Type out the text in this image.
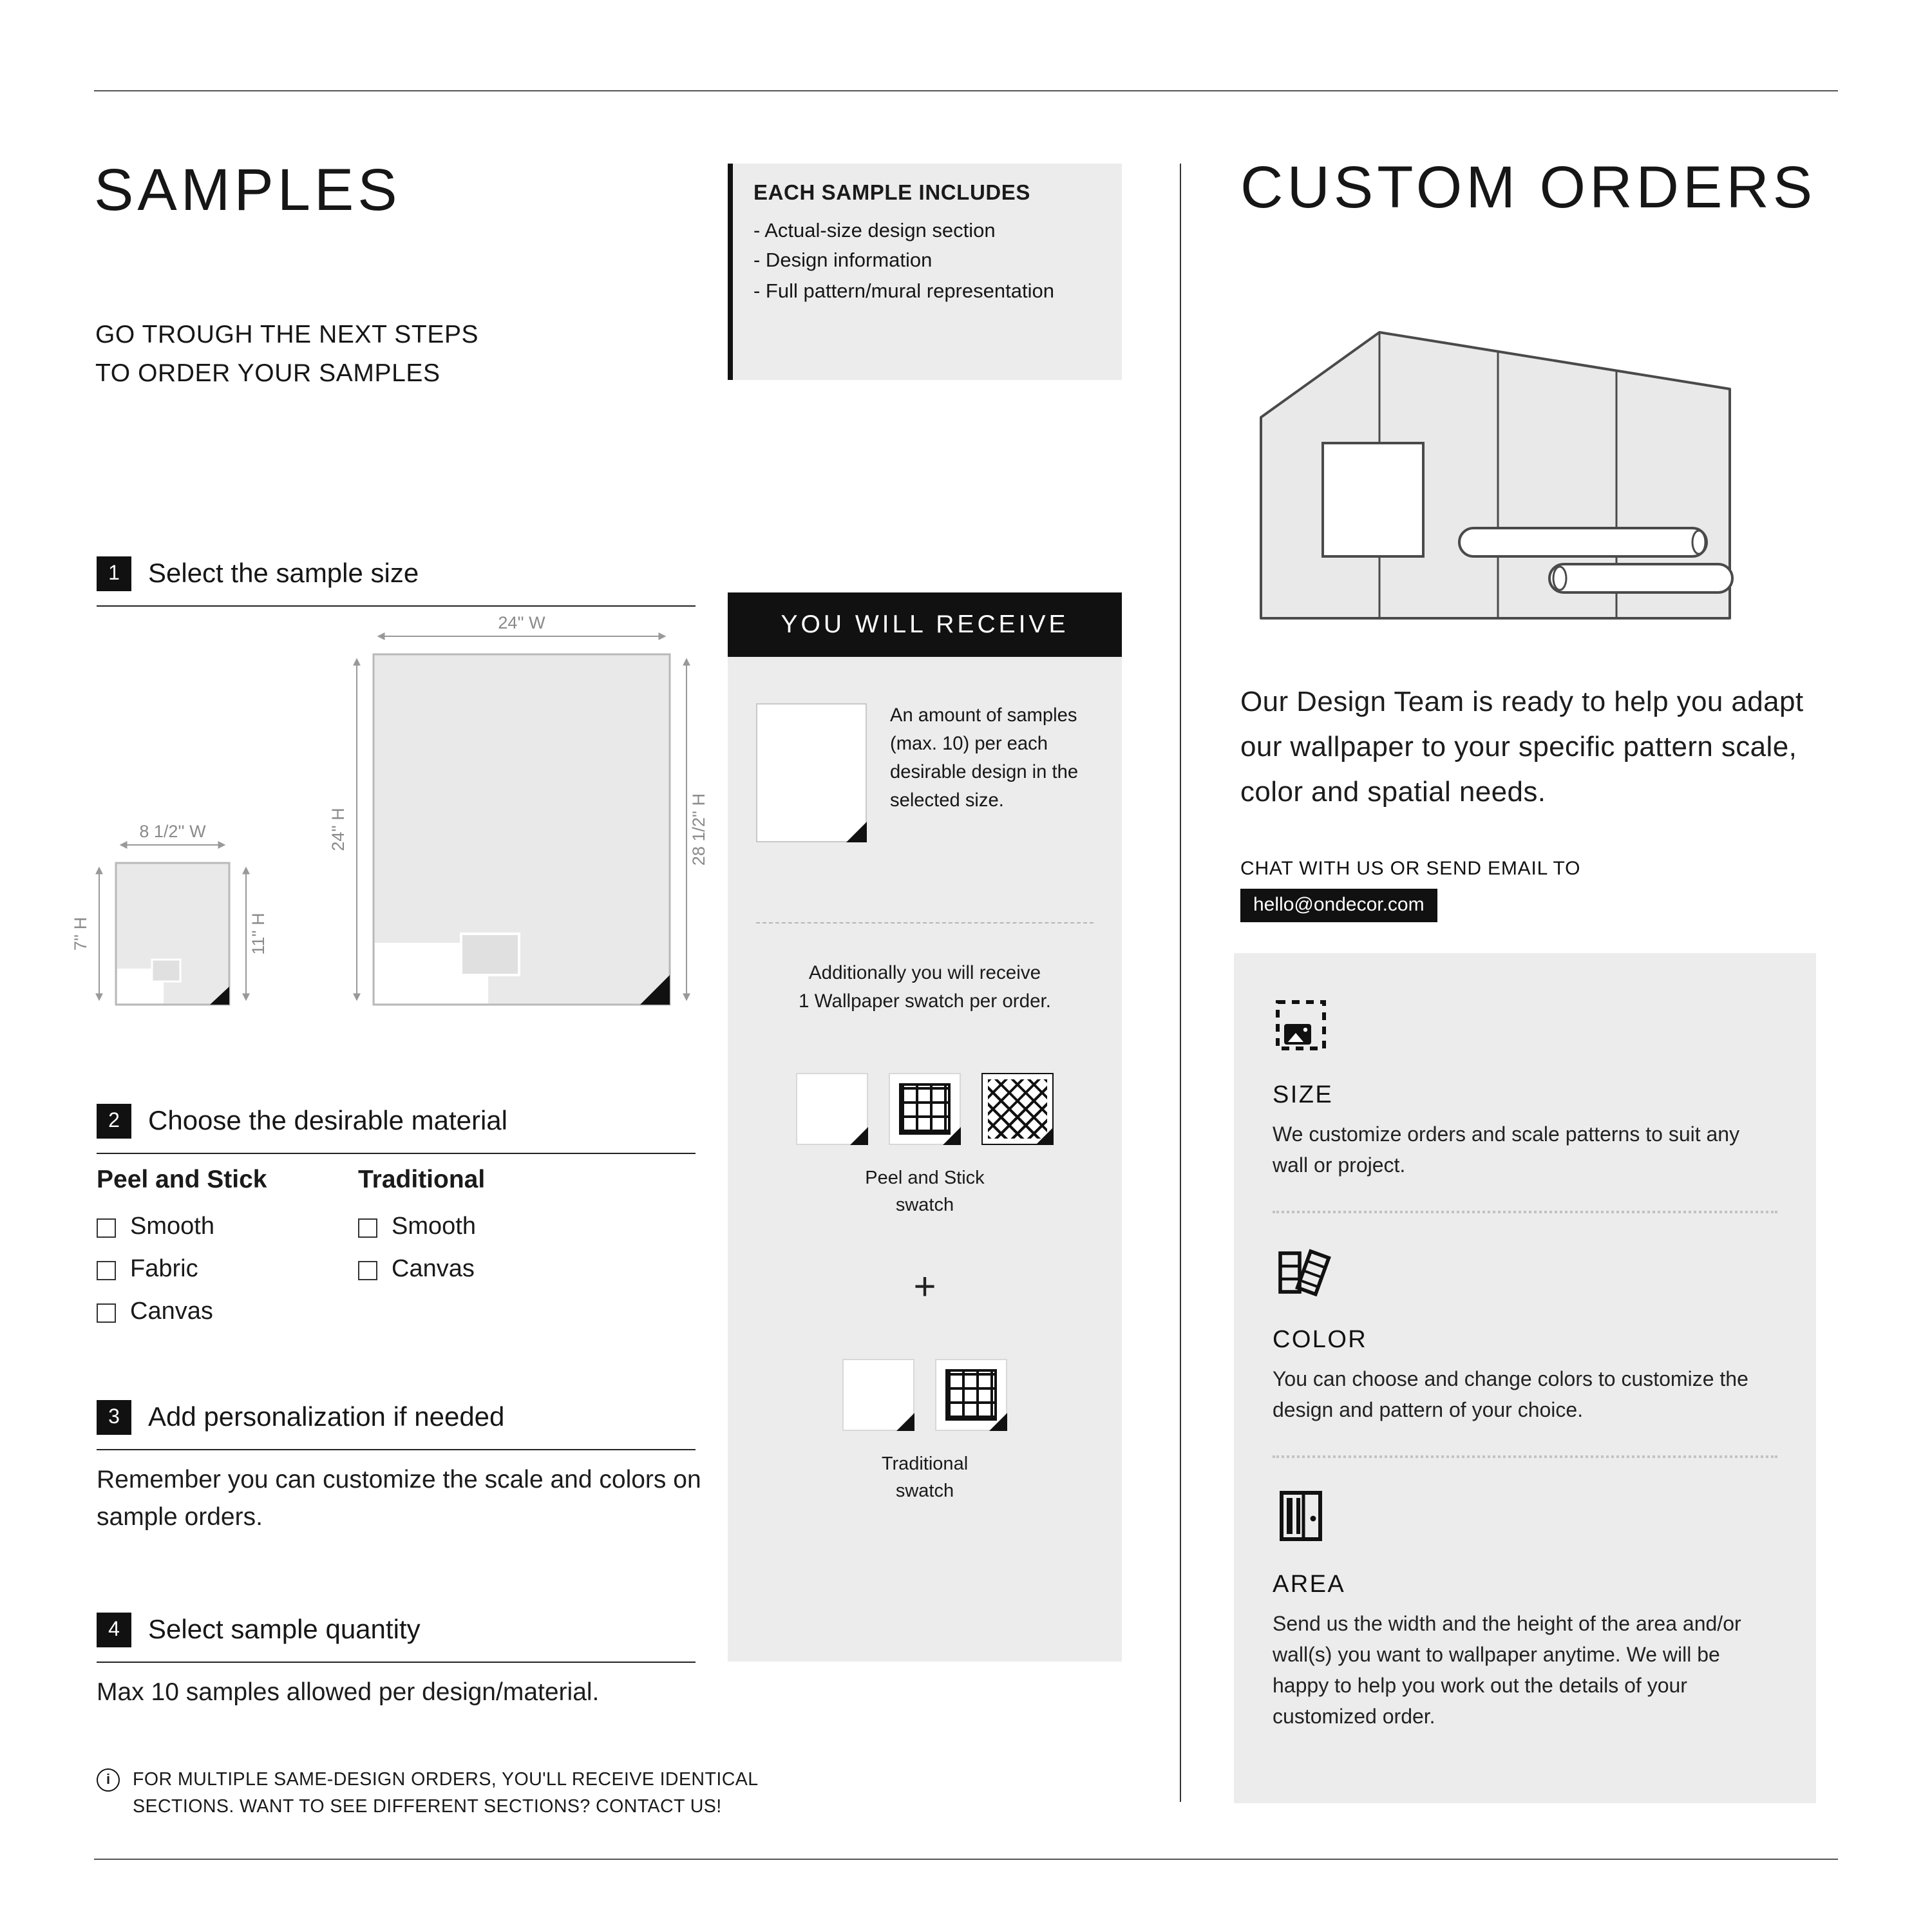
SAMPLES
GO TROUGH THE NEXT STEPS
TO ORDER YOUR SAMPLES
EACH SAMPLE INCLUDES
- Actual-size design section
- Design information
- Full pattern/mural representation
1	Select the sample size
24'' W
24'' H	28 1/2'' H
8 1/2'' W
7'' H	11'' H
2	Choose the desirable material
Peel and Stick
Smooth
Fabric
Canvas
Traditional
Smooth
Canvas
3	Add personalization if needed
Remember you can customize the scale and colors on sample orders.
4	Select sample quantity
Max 10 samples allowed per design/material.
i	FOR MULTIPLE SAME-DESIGN ORDERS, YOU'LL RECEIVE IDENTICAL
SECTIONS. WANT TO SEE DIFFERENT SECTIONS? CONTACT US!
YOU WILL RECEIVE
An amount of samples (max. 10) per each desirable design in the selected size.
Additionally you will receive
1 Wallpaper swatch per order.
Peel and Stick
swatch
+
Traditional
swatch
CUSTOM ORDERS
Our Design Team is ready to help you adapt our wallpaper to your specific pattern scale, color and spatial needs.
CHAT WITH US OR SEND EMAIL TO
hello@ondecor.com
SIZE
We customize orders and scale patterns to suit any wall or project.
COLOR
You can choose and change colors to customize the design and pattern of your choice.
AREA
Send us the width and the height of the area and/or wall(s) you want to wallpaper anytime. We will be happy to help you work out the details of your customized order.
